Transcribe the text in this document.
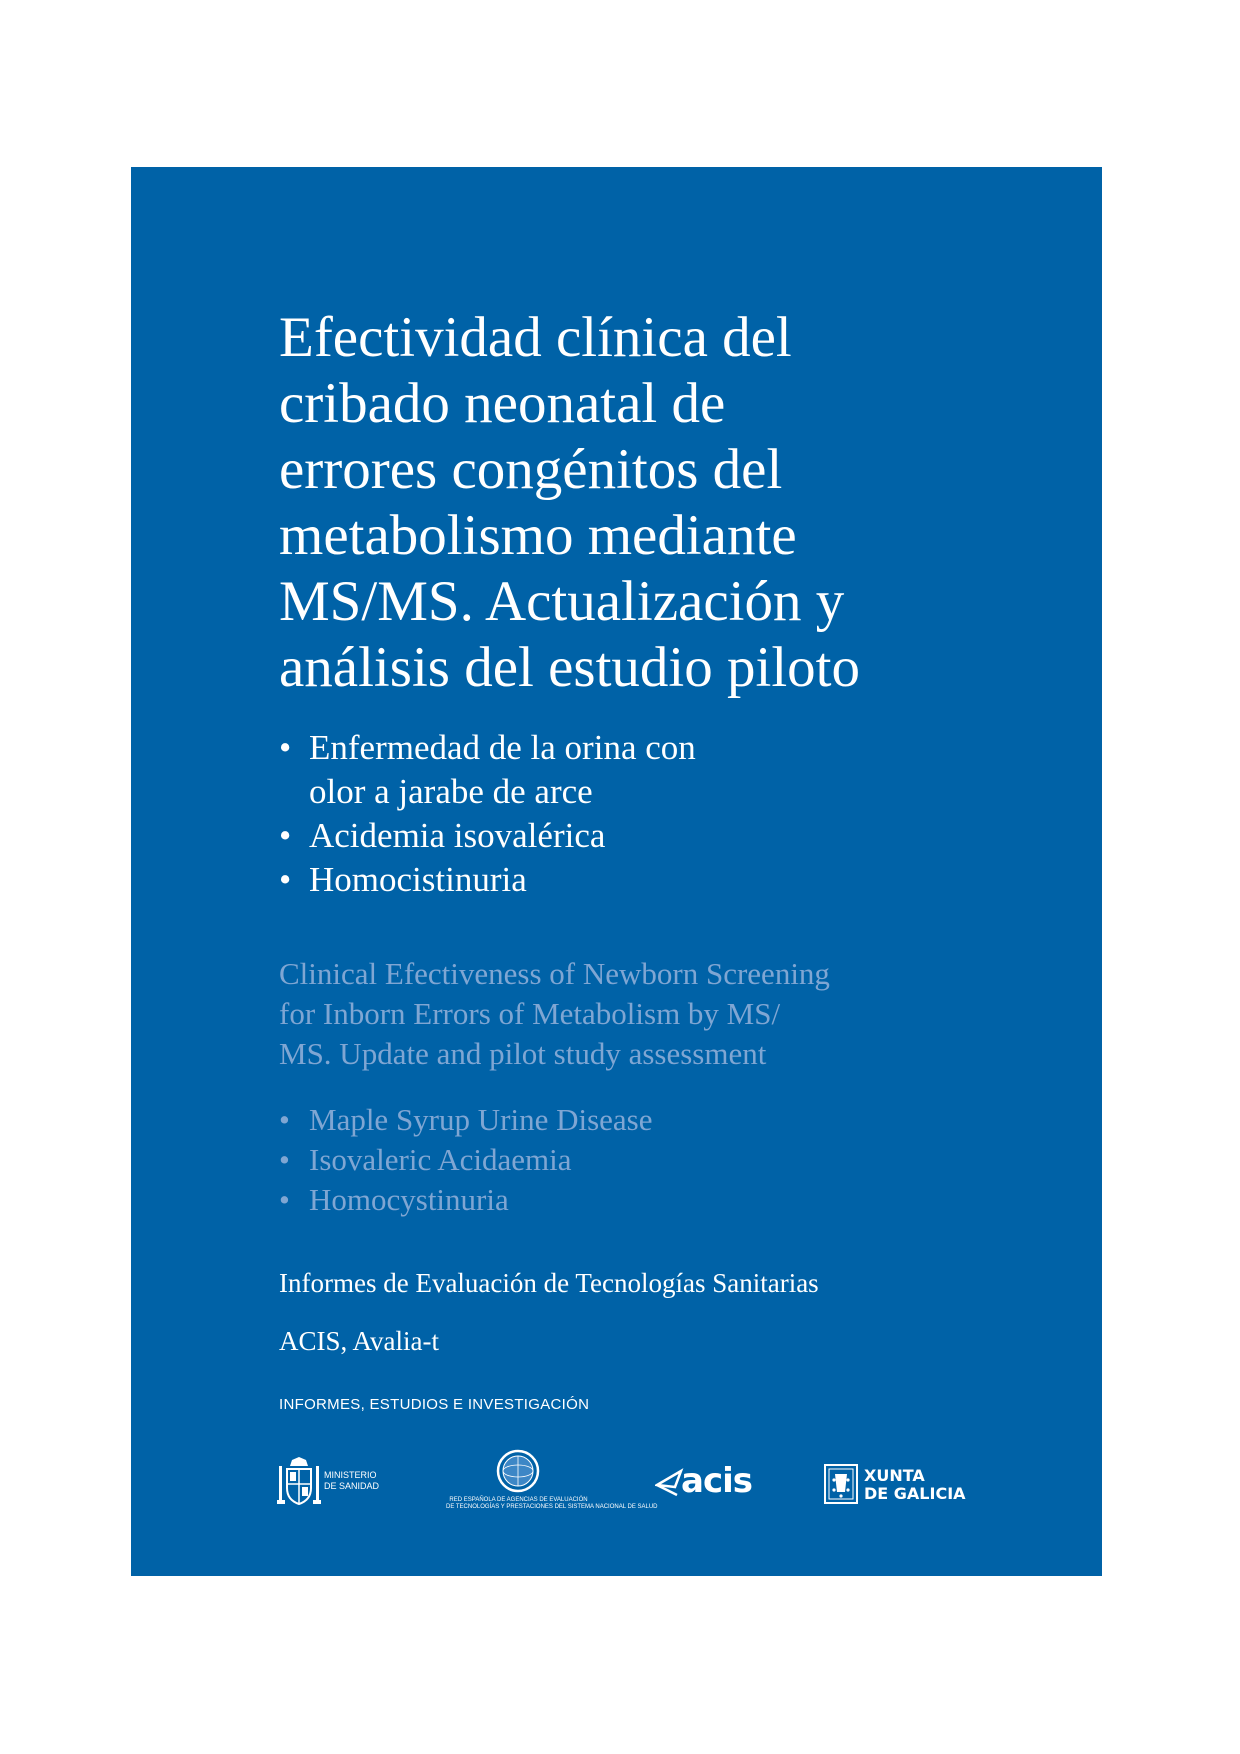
Efectividad clínica del
cribado neonatal de
errores congénitos del
metabolismo mediante
MS/MS. Actualización y
análisis del estudio piloto
• Enfermedad de la orina con
olor a jarabe de arce
• Acidemia isovalérica
• Homocistinuria
Clinical Efectiveness of Newborn Screening
for Inborn Errors of Metabolism by MS/
MS. Update and pilot study assessment
• Maple Syrup Urine Disease
• Isovaleric Acidaemia
• Homocystinuria
Informes de Evaluación de Tecnologías Sanitarias
ACIS, Avalia-t
INFORMES, ESTUDIOS E INVESTIGACIÓN
MINISTERIO
DE SANIDAD
RED ESPAÑOLA DE AGENCIAS DE EVALUACIÓN
DE TECNOLOGÍAS Y PRESTACIONES DEL SISTEMA NACIONAL DE SALUD
acis	XUNTA
DE GALICIA
